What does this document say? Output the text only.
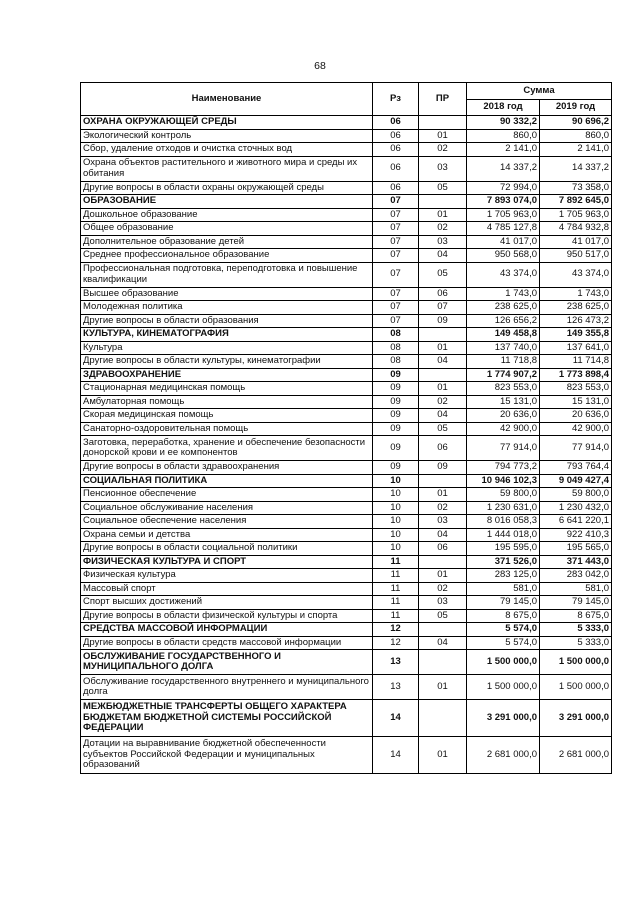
68
Наименование	Рз	ПР	Сумма	
			2018 год	2019 год
ОХРАНА ОКРУЖАЮЩЕЙ СРЕДЫ	06		90 332,2	90 696,2
Экологический контроль	06	01	860,0	860,0
Сбор, удаление отходов и очистка сточных вод	06	02	2 141,0	2 141,0
Охрана объектов растительного и животного мира и среды их обитания	06	03	14 337,2	14 337,2
Другие вопросы в области охраны окружающей среды	06	05	72 994,0	73 358,0
ОБРАЗОВАНИЕ	07		7 893 074,0	7 892 645,0
Дошкольное образование	07	01	1 705 963,0	1 705 963,0
Общее образование	07	02	4 785 127,8	4 784 932,8
Дополнительное образование детей	07	03	41 017,0	41 017,0
Среднее профессиональное образование	07	04	950 568,0	950 517,0
Профессиональная подготовка, переподготовка и повышение квалификации	07	05	43 374,0	43 374,0
Высшее образование	07	06	1 743,0	1 743,0
Молодежная политика	07	07	238 625,0	238 625,0
Другие вопросы в области образования	07	09	126 656,2	126 473,2
КУЛЬТУРА, КИНЕМАТОГРАФИЯ	08		149 458,8	149 355,8
Культура	08	01	137 740,0	137 641,0
Другие вопросы в области культуры, кинематографии	08	04	11 718,8	11 714,8
ЗДРАВООХРАНЕНИЕ	09		1 774 907,2	1 773 898,4
Стационарная медицинская помощь	09	01	823 553,0	823 553,0
Амбулаторная помощь	09	02	15 131,0	15 131,0
Скорая медицинская помощь	09	04	20 636,0	20 636,0
Санаторно-оздоровительная помощь	09	05	42 900,0	42 900,0
Заготовка, переработка, хранение и обеспечение безопасности донорской крови и ее компонентов	09	06	77 914,0	77 914,0
Другие вопросы в области здравоохранения	09	09	794 773,2	793 764,4
СОЦИАЛЬНАЯ ПОЛИТИКА	10		10 946 102,3	9 049 427,4
Пенсионное обеспечение	10	01	59 800,0	59 800,0
Социальное обслуживание населения	10	02	1 230 631,0	1 230 432,0
Социальное обеспечение населения	10	03	8 016 058,3	6 641 220,1
Охрана семьи и детства	10	04	1 444 018,0	922 410,3
Другие вопросы в области социальной политики	10	06	195 595,0	195 565,0
ФИЗИЧЕСКАЯ КУЛЬТУРА И СПОРТ	11		371 526,0	371 443,0
Физическая культура	11	01	283 125,0	283 042,0
Массовый спорт	11	02	581,0	581,0
Спорт высших достижений	11	03	79 145,0	79 145,0
Другие вопросы в области физической культуры и спорта	11	05	8 675,0	8 675,0
СРЕДСТВА МАССОВОЙ ИНФОРМАЦИИ	12		5 574,0	5 333,0
Другие вопросы в области средств массовой информации	12	04	5 574,0	5 333,0
ОБСЛУЖИВАНИЕ ГОСУДАРСТВЕННОГО И МУНИЦИПАЛЬНОГО ДОЛГА	13		1 500 000,0	1 500 000,0
Обслуживание государственного внутреннего и муниципального долга	13	01	1 500 000,0	1 500 000,0
МЕЖБЮДЖЕТНЫЕ ТРАНСФЕРТЫ ОБЩЕГО ХАРАКТЕРА БЮДЖЕТАМ БЮДЖЕТНОЙ СИСТЕМЫ РОССИЙСКОЙ ФЕДЕРАЦИИ	14		3 291 000,0	3 291 000,0
Дотации на выравнивание бюджетной обеспеченности субъектов Российской Федерации и муниципальных образований	14	01	2 681 000,0	2 681 000,0
